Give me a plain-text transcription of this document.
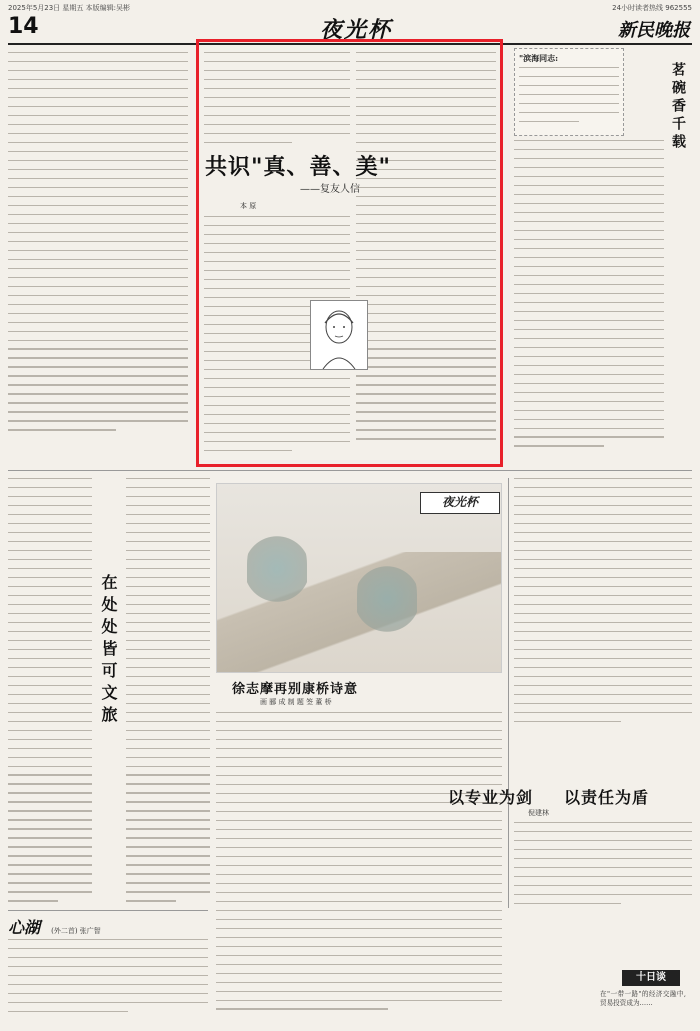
2025年5月23日 星期五 本版编辑:吴彬	24小时读者热线 962555
14	夜光杯	新民晚报
共识"真、善、美"
——复友人信
本 原
"滨海同志:
茗碗香千载
在处处皆可文旅
夜光杯
徐志摩再别康桥诗意
画 郦 成 制 题 签 董 桥
以专业为剑 以责任为盾
倪建林
心湖 (外二首) 张广智
十日谈
在"一带一路"的经济交融中,贸易投资成为……
